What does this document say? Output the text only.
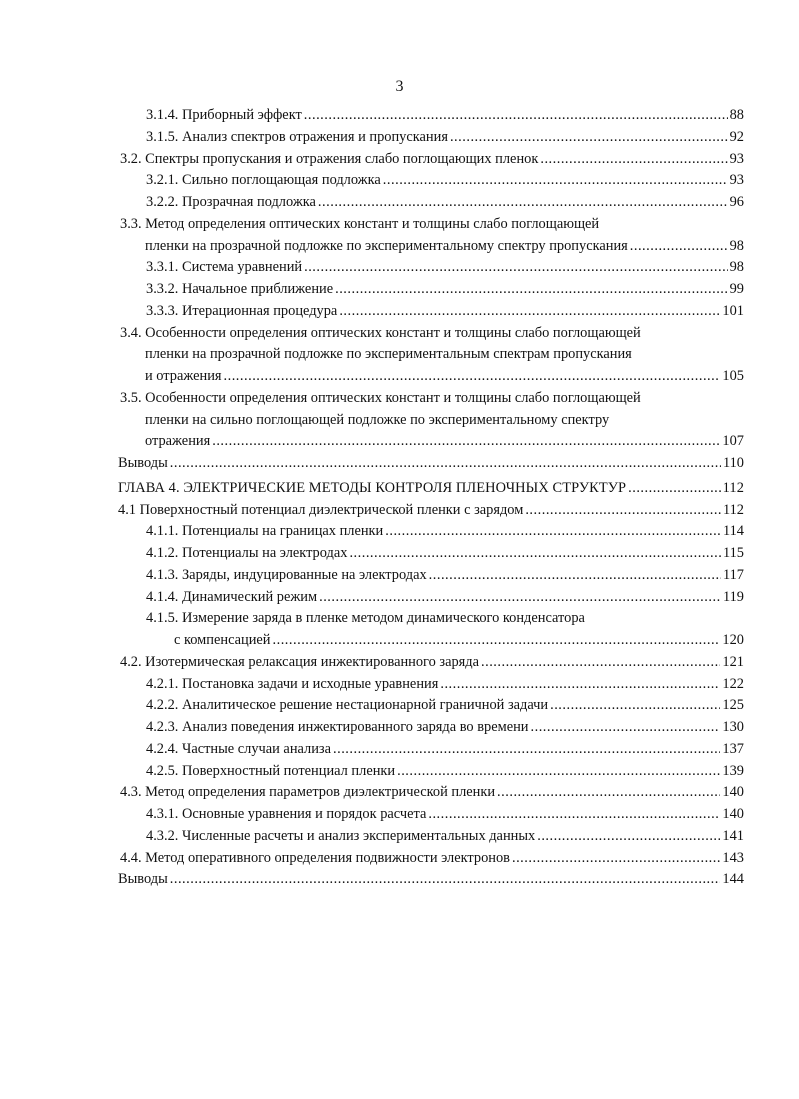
3
3.1.4. Приборный эффект .....	88
3.1.5. Анализ спектров отражения и пропускания .....	92
3.2. Спектры пропускания и отражения слабо поглощающих пленок .....	93
3.2.1. Сильно поглощающая подложка .....	93
3.2.2. Прозрачная подложка .....	96
3.3. Метод определения оптических констант и толщины слабо поглощающей
пленки на прозрачной подложке по экспериментальному спектру пропускания .....	98
3.3.1. Система уравнений .....	98
3.3.2. Начальное приближение .....	99
3.3.3. Итерационная процедура .....	101
3.4. Особенности определения оптических констант и толщины слабо поглощающей
пленки на прозрачной подложке по экспериментальным спектрам пропускания
и отражения .....	105
3.5. Особенности определения оптических констант и толщины слабо поглощающей
пленки на сильно поглощающей подложке по экспериментальному спектру
отражения .....	107
Выводы .....	110
ГЛАВА 4. ЭЛЕКТРИЧЕСКИЕ МЕТОДЫ КОНТРОЛЯ ПЛЕНОЧНЫХ СТРУКТУР .....	112
4.1 Поверхностный потенциал диэлектрической пленки с зарядом .....	112
4.1.1. Потенциалы на границах пленки .....	114
4.1.2. Потенциалы на электродах .....	115
4.1.3. Заряды, индуцированные на электродах .....	117
4.1.4. Динамический режим .....	119
4.1.5. Измерение заряда в пленке методом динамического конденсатора
с компенсацией .....	120
4.2. Изотермическая релаксация инжектированного заряда .....	121
4.2.1. Постановка задачи и исходные уравнения .....	122
4.2.2. Аналитическое решение нестационарной граничной задачи .....	125
4.2.3. Анализ поведения инжектированного заряда во времени .....	130
4.2.4. Частные случаи анализа .....	137
4.2.5. Поверхностный потенциал пленки .....	139
4.3. Метод определения параметров диэлектрической пленки .....	140
4.3.1. Основные уравнения и порядок расчета .....	140
4.3.2. Численные расчеты и анализ экспериментальных данных .....	141
4.4. Метод оперативного определения подвижности электронов .....	143
Выводы .....	144
